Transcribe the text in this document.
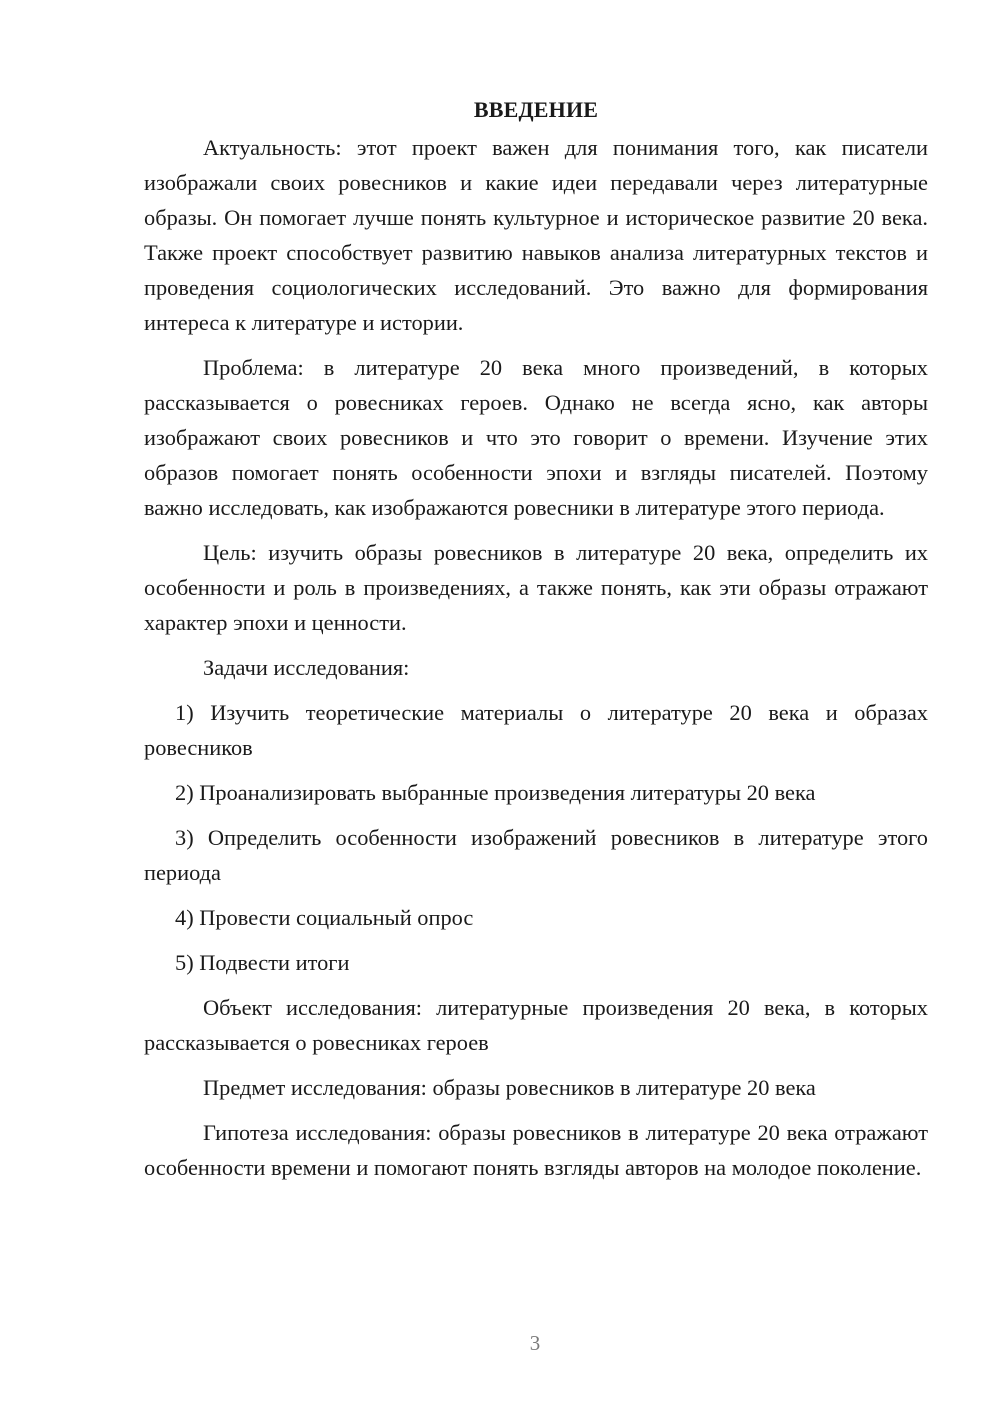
ВВЕДЕНИЕ

Актуальность: этот проект важен для понимания того, как писатели изображали своих ровесников и какие идеи передавали через литературные образы. Он помогает лучше понять культурное и историческое развитие 20 века. Также проект способствует развитию навыков анализа литературных текстов и проведения социологических исследований. Это важно для формирования интереса к литературе и истории.

Проблема: в литературе 20 века много произведений, в которых рассказывается о ровесниках героев. Однако не всегда ясно, как авторы изображают своих ровесников и что это говорит о времени. Изучение этих образов помогает понять особенности эпохи и взгляды писателей. Поэтому важно исследовать, как изображаются ровесники в литературе этого периода.

Цель: изучить образы ровесников в литературе 20 века, определить их особенности и роль в произведениях, а также понять, как эти образы отражают характер эпохи и ценности.

Задачи исследования:

1) Изучить теоретические материалы о литературе 20 века и образах ровесников

2) Проанализировать выбранные произведения литературы 20 века

3) Определить особенности изображений ровесников в литературе этого периода

4) Провести социальный опрос

5) Подвести итоги

Объект исследования: литературные произведения 20 века, в которых рассказывается о ровесниках героев

Предмет исследования: образы ровесников в литературе 20 века

Гипотеза исследования: образы ровесников в литературе 20 века отражают особенности времени и помогают понять взгляды авторов на молодое поколение.

3
